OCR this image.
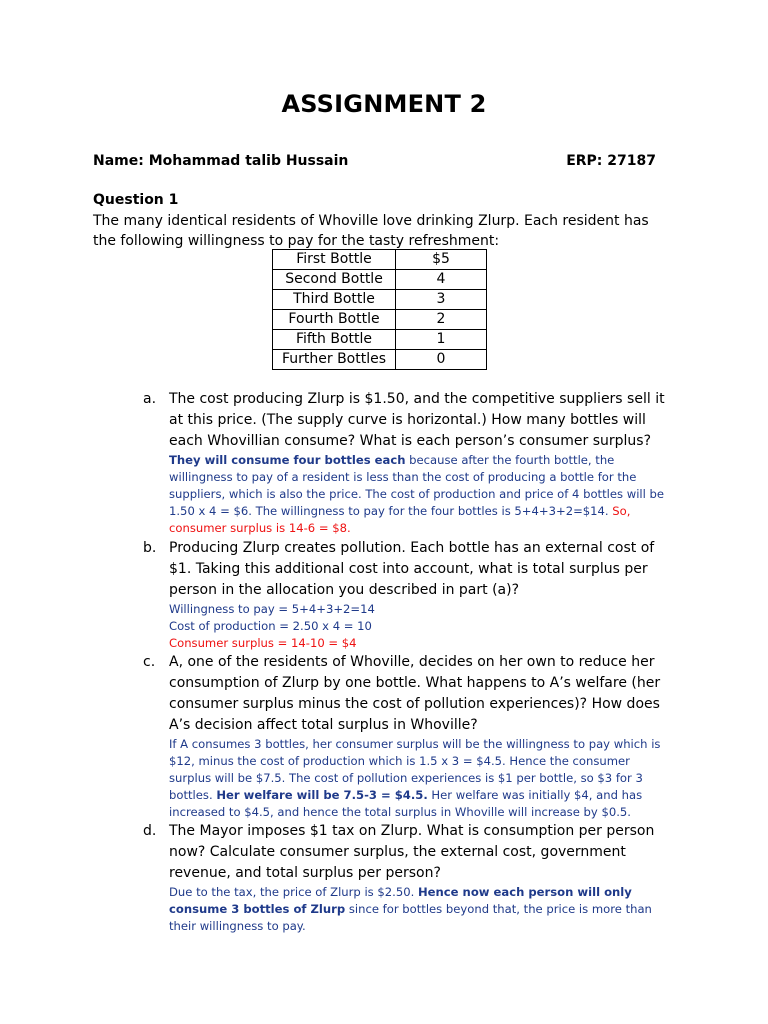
ASSIGNMENT 2
Name: Mohammad talib Hussain	ERP: 27187
Question 1
The many identical residents of Whoville love drinking Zlurp. Each resident has the following willingness to pay for the tasty refreshment:
First Bottle	$5
Second Bottle	4
Third Bottle	3
Fourth Bottle	2
Fifth Bottle	1
Further Bottles	0
a. The cost producing Zlurp is $1.50, and the competitive suppliers sell it at this price. (The supply curve is horizontal.) How many bottles will each Whovillian consume? What is each person’s consumer surplus?
They will consume four bottles each because after the fourth bottle, the willingness to pay of a resident is less than the cost of producing a bottle for the suppliers, which is also the price. The cost of production and price of 4 bottles will be 1.50 x 4 = $6. The willingness to pay for the four bottles is 5+4+3+2=$14. So, consumer surplus is 14-6 = $8.
b. Producing Zlurp creates pollution. Each bottle has an external cost of $1. Taking this additional cost into account, what is total surplus per person in the allocation you described in part (a)?
Willingness to pay = 5+4+3+2=14
Cost of production = 2.50 x 4 = 10
Consumer surplus = 14-10 = $4
c. A, one of the residents of Whoville, decides on her own to reduce her consumption of Zlurp by one bottle. What happens to A’s welfare (her consumer surplus minus the cost of pollution experiences)? How does A’s decision affect total surplus in Whoville?
If A consumes 3 bottles, her consumer surplus will be the willingness to pay which is $12, minus the cost of production which is 1.5 x 3 = $4.5. Hence the consumer surplus will be $7.5. The cost of pollution experiences is $1 per bottle, so $3 for 3 bottles. Her welfare will be 7.5-3 = $4.5. Her welfare was initially $4, and has increased to $4.5, and hence the total surplus in Whoville will increase by $0.5.
d. The Mayor imposes $1 tax on Zlurp. What is consumption per person now? Calculate consumer surplus, the external cost, government revenue, and total surplus per person?
Due to the tax, the price of Zlurp is $2.50. Hence now each person will only consume 3 bottles of Zlurp since for bottles beyond that, the price is more than their willingness to pay.
